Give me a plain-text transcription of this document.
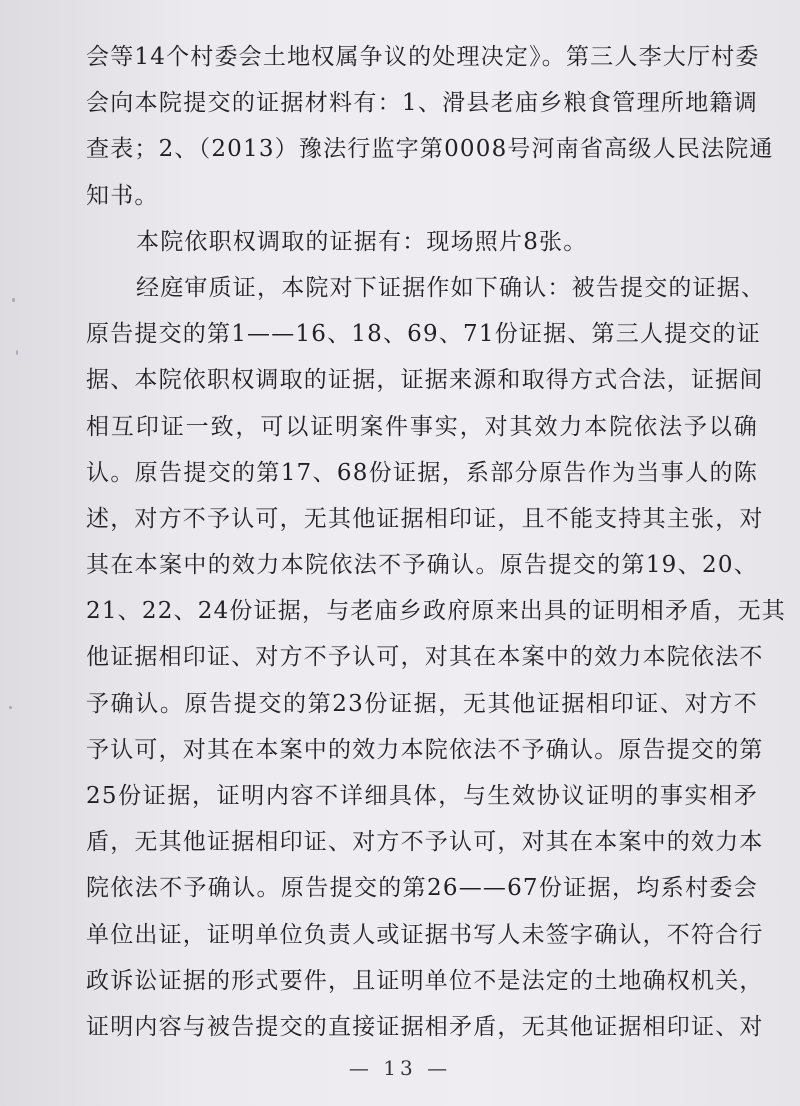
会等14个村委会土地权属争议的处理决定》。第三人李大厅村委
会向本院提交的证据材料有：1、滑县老庙乡粮食管理所地籍调
查表；2、（2013）豫法行监字第0008号河南省高级人民法院通
知书。
本院依职权调取的证据有：现场照片8张。
经庭审质证，本院对下证据作如下确认：被告提交的证据、
原告提交的第1——16、18、69、71份证据、第三人提交的证
据、本院依职权调取的证据，证据来源和取得方式合法，证据间
相互印证一致，可以证明案件事实，对其效力本院依法予以确
认。原告提交的第17、68份证据，系部分原告作为当事人的陈
述，对方不予认可，无其他证据相印证，且不能支持其主张，对
其在本案中的效力本院依法不予确认。原告提交的第19、20、
21、22、24份证据，与老庙乡政府原来出具的证明相矛盾，无其
他证据相印证、对方不予认可，对其在本案中的效力本院依法不
予确认。原告提交的第23份证据，无其他证据相印证、对方不
予认可，对其在本案中的效力本院依法不予确认。原告提交的第
25份证据，证明内容不详细具体，与生效协议证明的事实相矛
盾，无其他证据相印证、对方不予认可，对其在本案中的效力本
院依法不予确认。原告提交的第26——67份证据，均系村委会
单位出证，证明单位负责人或证据书写人未签字确认，不符合行
政诉讼证据的形式要件，且证明单位不是法定的土地确权机关，
证明内容与被告提交的直接证据相矛盾，无其他证据相印证、对
— 13 —
